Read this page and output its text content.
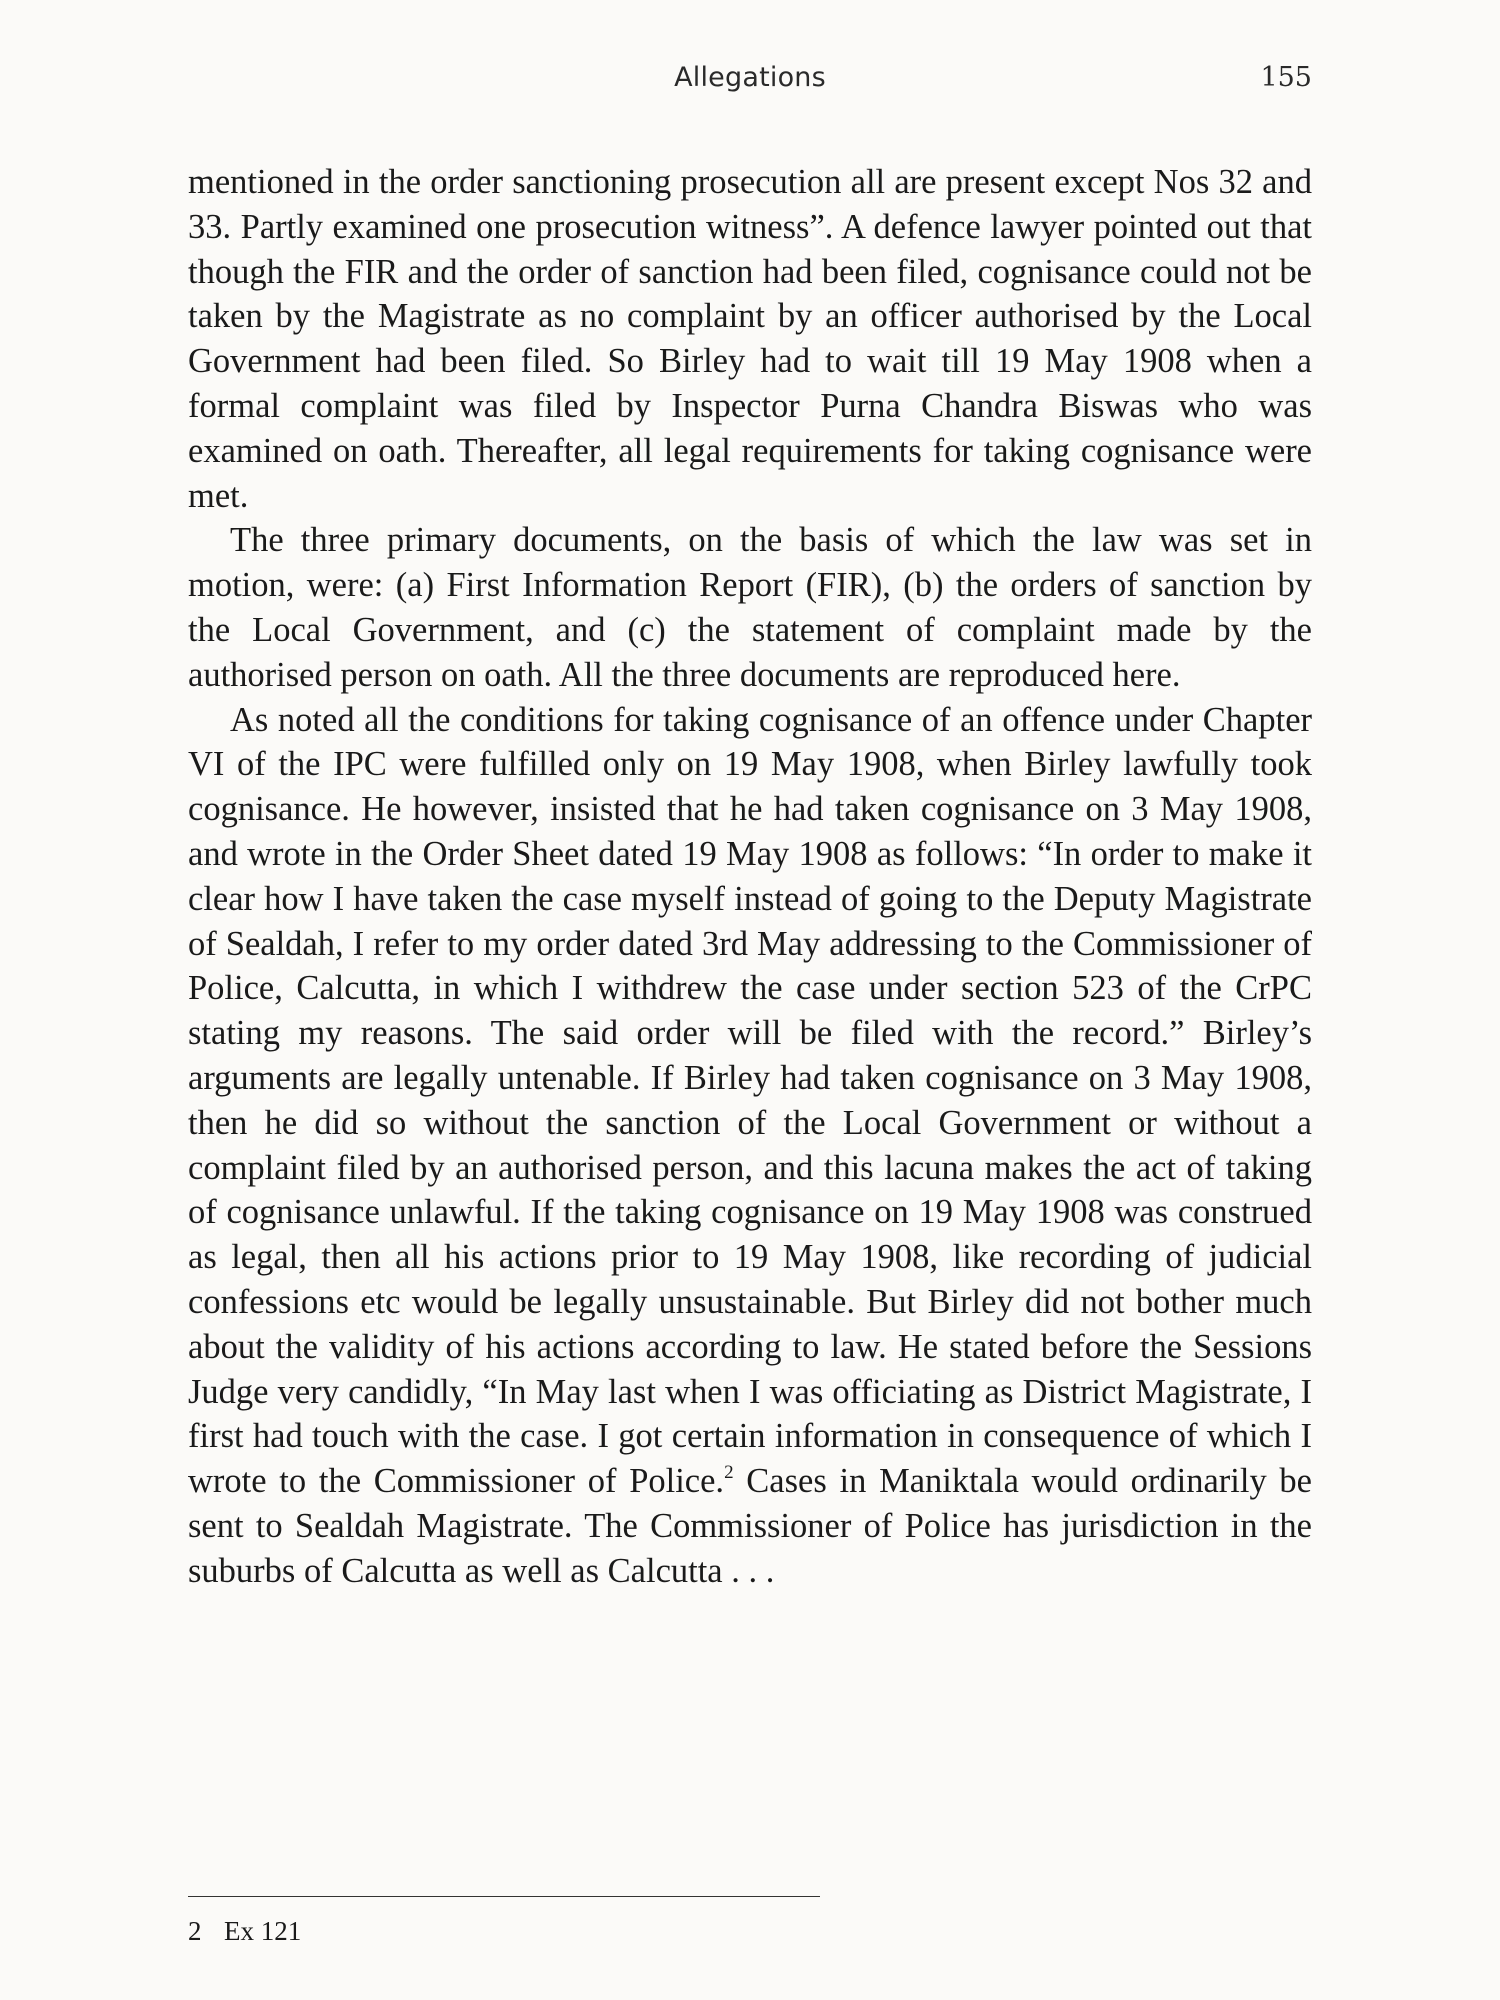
Allegations	155

mentioned in the order sanctioning prosecution all are present except Nos 32 and 33. Partly examined one prosecution witness”. A defence lawyer pointed out that though the FIR and the order of sanction had been filed, cognisance could not be taken by the Magistrate as no complaint by an officer authorised by the Local Government had been filed. So Birley had to wait till 19 May 1908 when a formal complaint was filed by Inspector Purna Chandra Biswas who was examined on oath. Thereafter, all legal requirements for taking cognisance were met.

The three primary documents, on the basis of which the law was set in motion, were: (a) First Information Report (FIR), (b) the orders of sanction by the Local Government, and (c) the statement of complaint made by the authorised person on oath. All the three documents are reproduced here.

As noted all the conditions for taking cognisance of an offence under Chapter VI of the IPC were fulfilled only on 19 May 1908, when Birley lawfully took cognisance. He however, insisted that he had taken cognisance on 3 May 1908, and wrote in the Order Sheet dated 19 May 1908 as follows: “In order to make it clear how I have taken the case myself instead of going to the Deputy Magistrate of Sealdah, I refer to my order dated 3rd May addressing to the Commissioner of Police, Calcutta, in which I withdrew the case under section 523 of the CrPC stating my reasons. The said order will be filed with the record.” Birley’s arguments are legally untenable. If Birley had taken cognisance on 3 May 1908, then he did so without the sanction of the Local Government or without a complaint filed by an authorised person, and this lacuna makes the act of taking of cognisance unlawful. If the taking cognisance on 19 May 1908 was construed as legal, then all his actions prior to 19 May 1908, like recording of judicial confessions etc would be legally unsustainable. But Birley did not bother much about the validity of his actions according to law. He stated before the Sessions Judge very candidly, “In May last when I was officiating as District Magistrate, I first had touch with the case. I got certain information in consequence of which I wrote to the Commissioner of Police.$^2$ Cases in Maniktala would ordinarily be sent to Sealdah Magistrate. The Commissioner of Police has jurisdiction in the suburbs of Calcutta as well as Calcutta . . .

2 Ex 121
